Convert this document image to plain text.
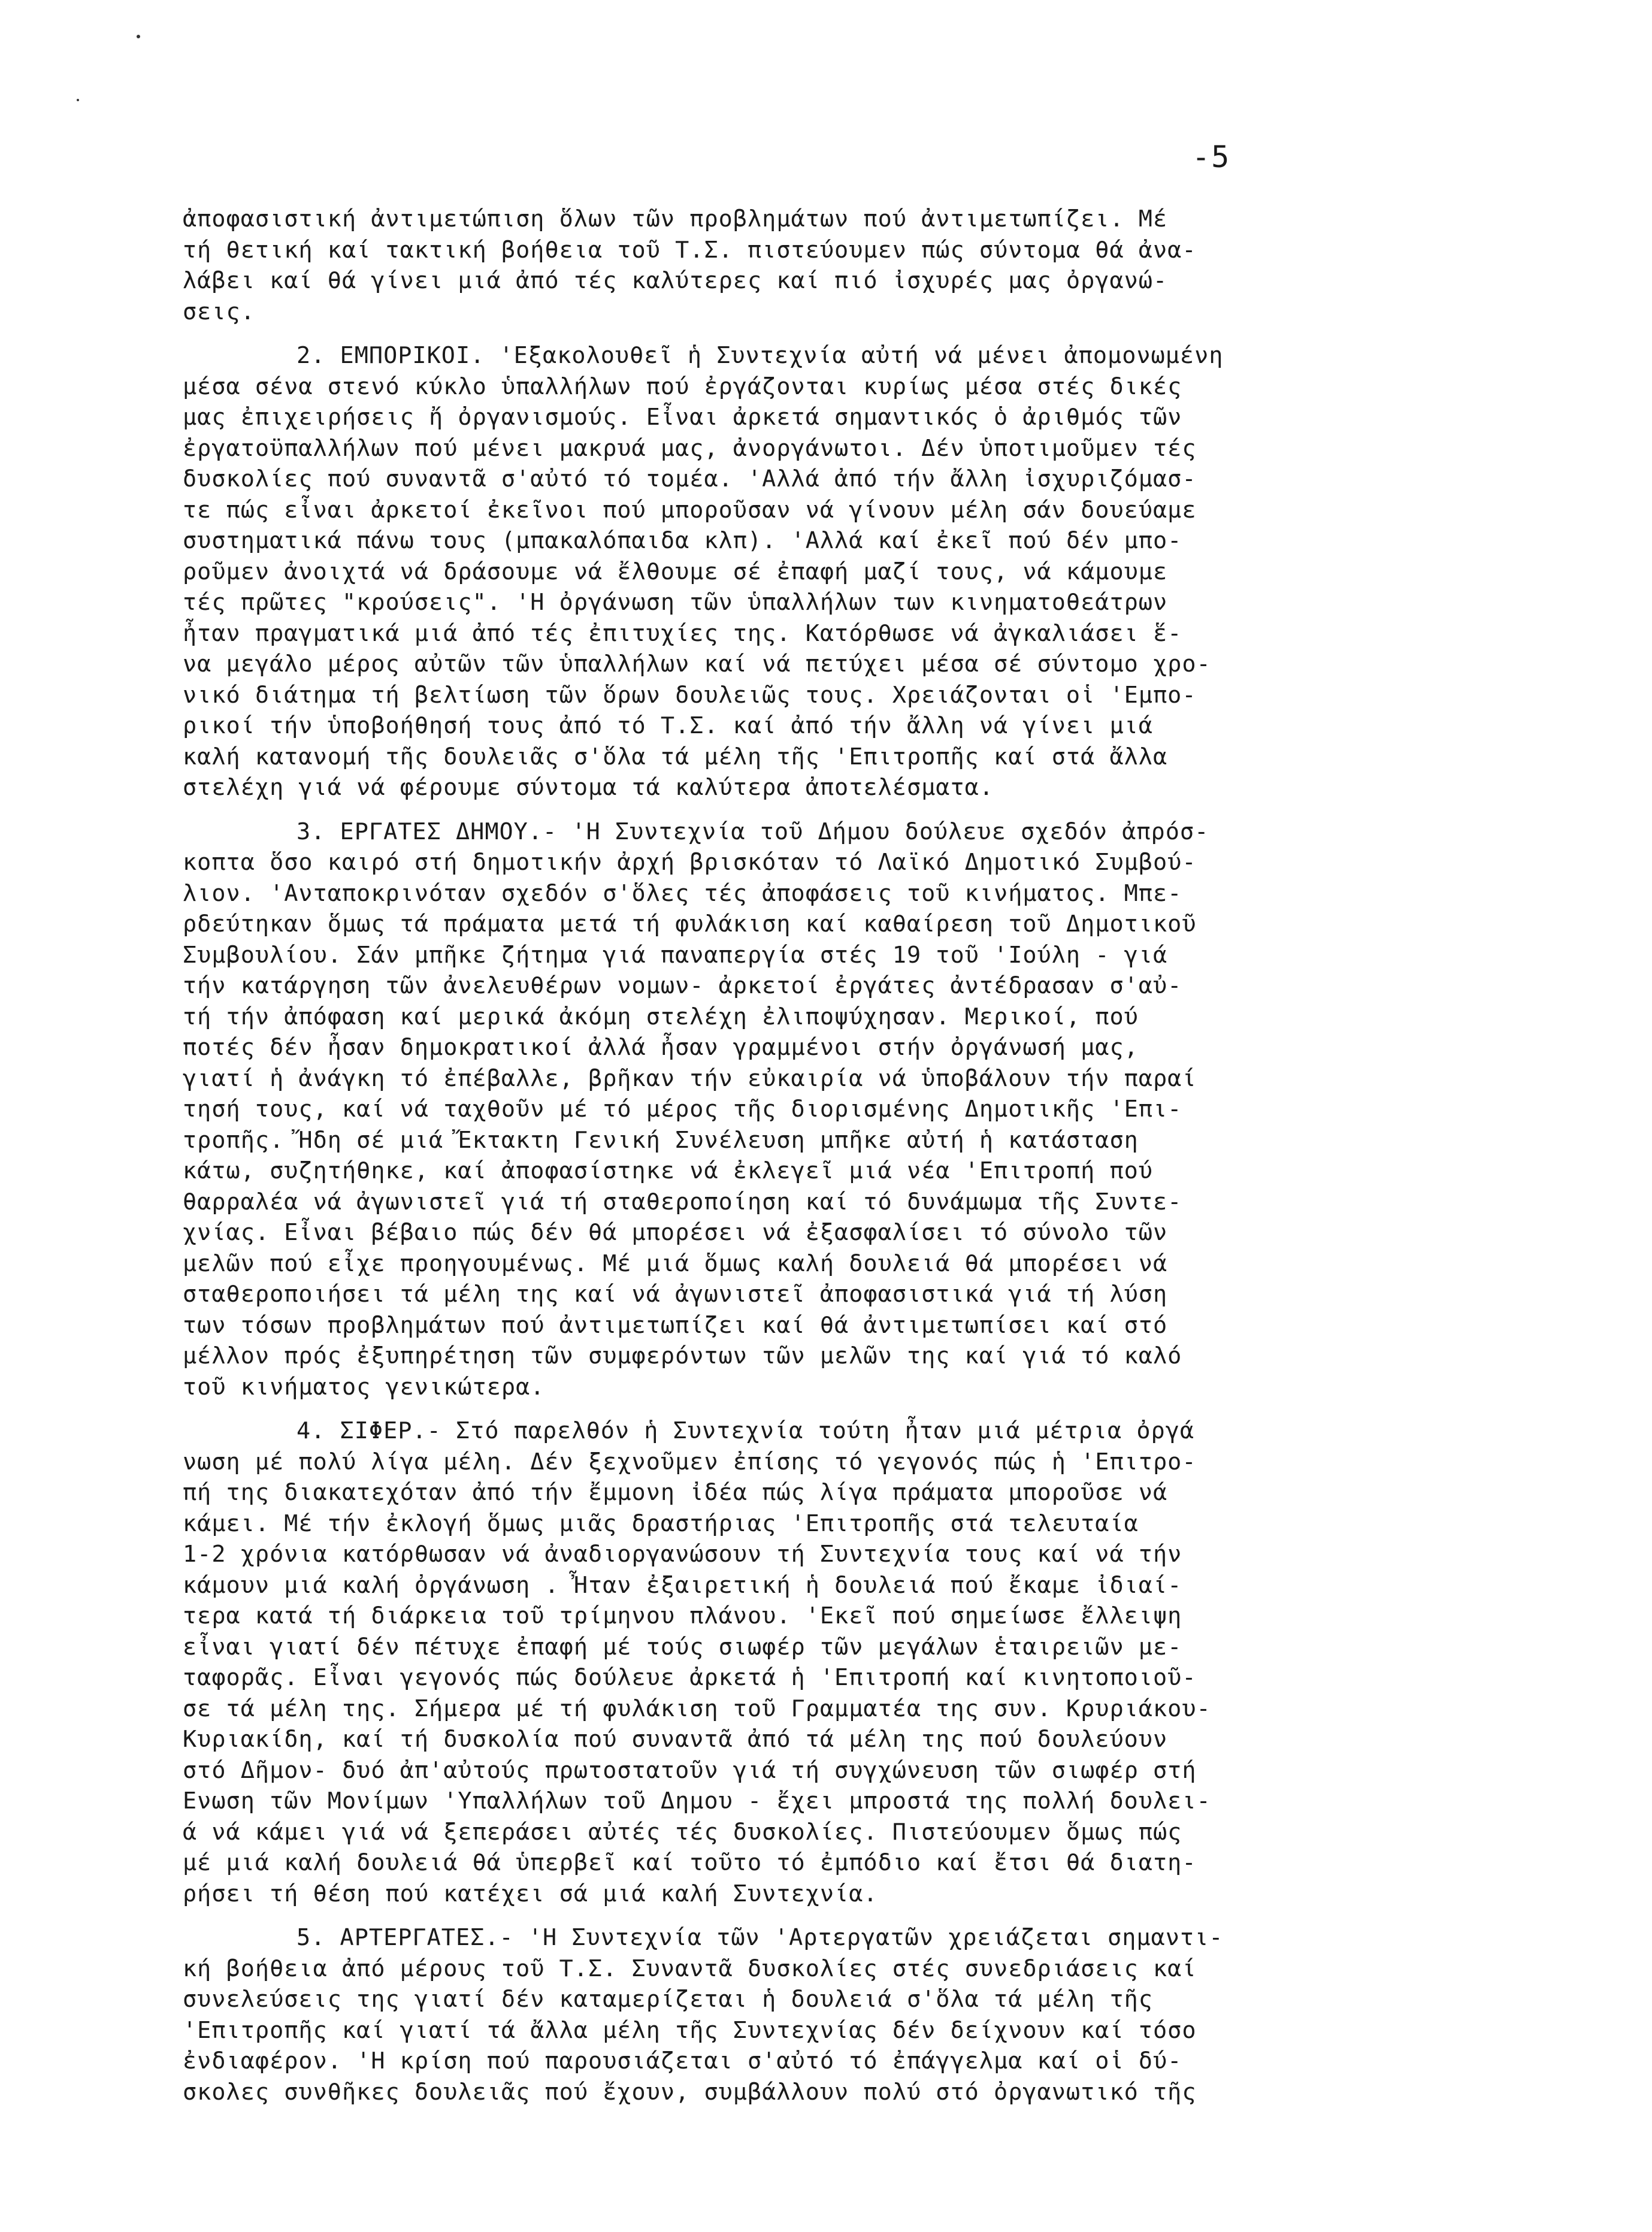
-5
ἀποφασιστική ἀντιμετώπιση ὅλων τῶν προβλημάτων πού ἀντιμετωπίζει. Μέ
τή θετική καί τακτική βοήθεια τοῦ Τ.Σ. πιστεύουμεν πώς σύντομα θά ἀνα-
λάβει καί θά γίνει μιά ἀπό τές καλύτερες καί πιό ἰσχυρές μας ὀργανώ-
σεις.
2. ΕΜΠΟΡΙΚΟΙ. 'Εξακολουθεῖ ἡ Συντεχνία αὐτή νά μένει ἀπομονωμένη
μέσα σένα στενό κύκλο ὑπαλλήλων πού ἐργάζονται κυρίως μέσα στές δικές
μας ἐπιχειρήσεις ἤ ὀργανισμούς. Εἶναι ἀρκετά σημαντικός ὁ ἀριθμός τῶν
ἐργατοϋπαλλήλων πού μένει μακρυά μας, ἀνοργάνωτοι. Δέν ὑποτιμοῦμεν τές
δυσκολίες πού συναντᾶ σ'αὐτό τό τομέα. 'Αλλά ἀπό τήν ἄλλη ἰσχυριζόμασ-
τε πώς εἶναι ἀρκετοί ἐκεῖνοι πού μποροῦσαν νά γίνουν μέλη σάν δουεύαμε
συστηματικά πάνω τους (μπακαλόπαιδα κλπ). 'Αλλά καί ἐκεῖ πού δέν μπο-
ροῦμεν ἀνοιχτά νά δράσουμε νά ἔλθουμε σέ ἐπαφή μαζί τους, νά κάμουμε
τές πρῶτες "κρούσεις". 'Η ὀργάνωση τῶν ὑπαλλήλων των κινηματοθεάτρων
ἦταν πραγματικά μιά ἀπό τές ἐπιτυχίες της. Κατόρθωσε νά ἀγκαλιάσει ἕ-
να μεγάλο μέρος αὐτῶν τῶν ὑπαλλήλων καί νά πετύχει μέσα σέ σύντομο χρο-
νικό διάτημα τή βελτίωση τῶν ὅρων δουλειῶς τους. Χρειάζονται οἱ 'Εμπο-
ρικοί τήν ὑποβοήθησή τους ἀπό τό Τ.Σ. καί ἀπό τήν ἄλλη νά γίνει μιά
καλή κατανομή τῆς δουλειᾶς σ'ὅλα τά μέλη τῆς 'Επιτροπῆς καί στά ἄλλα
στελέχη γιά νά φέρουμε σύντομα τά καλύτερα ἀποτελέσματα.
3. ΕΡΓΑΤΕΣ ΔΗΜΟΥ.- 'Η Συντεχνία τοῦ Δήμου δούλευε σχεδόν ἀπρόσ-
κοπτα ὅσο καιρό στή δημοτικήν ἀρχή βρισκόταν τό Λαϊκό Δημοτικό Συμβού-
λιον. 'Ανταποκρινόταν σχεδόν σ'ὅλες τές ἀποφάσεις τοῦ κινήματος. Μπε-
ρδεύτηκαν ὅμως τά πράματα μετά τή φυλάκιση καί καθαίρεση τοῦ Δημοτικοῦ
Συμβουλίου. Σάν μπῆκε ζήτημα γιά παναπεργία στές 19 τοῦ 'Ιούλη - γιά
τήν κατάργηση τῶν ἀνελευθέρων νομων- ἀρκετοί ἐργάτες ἀντέδρασαν σ'αὐ-
τή τήν ἀπόφαση καί μερικά ἀκόμη στελέχη ἐλιποψύχησαν. Μερικοί, πού
ποτές δέν ἦσαν δημοκρατικοί ἀλλά ἦσαν γραμμένοι στήν ὀργάνωσή μας,
γιατί ἡ ἀνάγκη τό ἐπέβαλλε, βρῆκαν τήν εὐκαιρία νά ὑποβάλουν τήν παραί
τησή τους, καί νά ταχθοῦν μέ τό μέρος τῆς διορισμένης Δημοτικῆς 'Επι-
τροπῆς. Ἤδη σέ μιά Ἔκτακτη Γενική Συνέλευση μπῆκε αὐτή ἡ κατάσταση
κάτω, συζητήθηκε, καί ἀποφασίστηκε νά ἐκλεγεῖ μιά νέα 'Επιτροπή πού
θαρραλέα νά ἀγωνιστεῖ γιά τή σταθεροποίηση καί τό δυνάμωμα τῆς Συντε-
χνίας. Εἶναι βέβαιο πώς δέν θά μπορέσει νά ἐξασφαλίσει τό σύνολο τῶν
μελῶν πού εἶχε προηγουμένως. Μέ μιά ὅμως καλή δουλειά θά μπορέσει νά
σταθεροποιήσει τά μέλη της καί νά ἀγωνιστεῖ ἀποφασιστικά γιά τή λύση
των τόσων προβλημάτων πού ἀντιμετωπίζει καί θά ἀντιμετωπίσει καί στό
μέλλον πρός ἐξυπηρέτηση τῶν συμφερόντων τῶν μελῶν της καί γιά τό καλό
τοῦ κινήματος γενικώτερα.
4. ΣΙΦΕΡ.- Στό παρελθόν ἡ Συντεχνία τούτη ἦταν μιά μέτρια ὀργά
νωση μέ πολύ λίγα μέλη. Δέν ξεχνοῦμεν ἐπίσης τό γεγονός πώς ἡ 'Επιτρο-
πή της διακατεχόταν ἀπό τήν ἔμμονη ἰδέα πώς λίγα πράματα μποροῦσε νά
κάμει. Μέ τήν ἐκλογή ὅμως μιᾶς δραστήριας 'Επιτροπῆς στά τελευταία
1-2 χρόνια κατόρθωσαν νά ἀναδιοργανώσουν τή Συντεχνία τους καί νά τήν
κάμουν μιά καλή ὀργάνωση . Ἦταν ἐξαιρετική ἡ δουλειά πού ἔκαμε ἰδιαί-
τερα κατά τή διάρκεια τοῦ τρίμηνου πλάνου. 'Εκεῖ πού σημείωσε ἔλλειψη
εἶναι γιατί δέν πέτυχε ἐπαφή μέ τούς σιωφέρ τῶν μεγάλων ἑταιρειῶν με-
ταφορᾶς. Εἶναι γεγονός πώς δούλευε ἀρκετά ἡ 'Επιτροπή καί κινητοποιοῦ-
σε τά μέλη της. Σήμερα μέ τή φυλάκιση τοῦ Γραμματέα της συν. Κρυριάκου-
Κυριακίδη, καί τή δυσκολία πού συναντᾶ ἀπό τά μέλη της πού δουλεύουν
στό Δῆμον- δυό ἀπ'αὐτούς πρωτοστατοῦν γιά τή συγχώνευση τῶν σιωφέρ στή
Ενωση τῶν Μονίμων 'Υπαλλήλων τοῦ Δημου - ἔχει μπροστά της πολλή δουλει-
ά νά κάμει γιά νά ξεπεράσει αὐτές τές δυσκολίες. Πιστεύουμεν ὅμως πώς
μέ μιά καλή δουλειά θά ὑπερβεῖ καί τοῦτο τό ἐμπόδιο καί ἔτσι θά διατη-
ρήσει τή θέση πού κατέχει σά μιά καλή Συντεχνία.
5. ΑΡΤΕΡΓΑΤΕΣ.- 'Η Συντεχνία τῶν 'Αρτεργατῶν χρειάζεται σημαντι-
κή βοήθεια ἀπό μέρους τοῦ Τ.Σ. Συναντᾶ δυσκολίες στές συνεδριάσεις καί
συνελεύσεις της γιατί δέν καταμερίζεται ἡ δουλειά σ'ὅλα τά μέλη τῆς
'Επιτροπῆς καί γιατί τά ἄλλα μέλη τῆς Συντεχνίας δέν δείχνουν καί τόσο
ἐνδιαφέρον. 'Η κρίση πού παρουσιάζεται σ'αὐτό τό ἐπάγγελμα καί οἱ δύ-
σκολες συνθῆκες δουλειᾶς πού ἔχουν, συμβάλλουν πολύ στό ὀργανωτικό τῆς
